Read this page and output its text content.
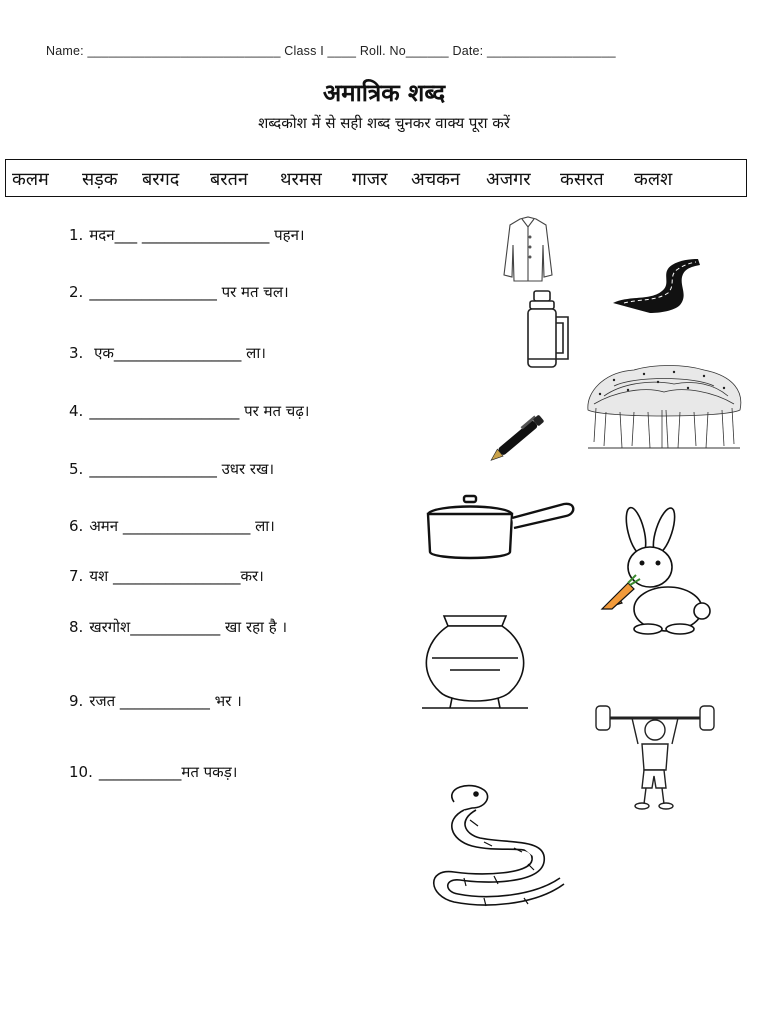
Name: ___________________________ Class I ____ Roll. No______ Date: __________________
अमात्रिक शब्द
शब्दकोश में से सही शब्द चुनकर वाक्य पूरा करें
कलम सड़क बरगद बरतन थरमस गाजर अचकन अजगर कसरत कलश
1. मदन___ _________________ पहन।
2. _________________ पर मत चल।
3. एक_________________ ला।
4. ____________________ पर मत चढ़।
5. _________________ उधर रख।
6. अमन _________________ ला।
7. यश _________________कर।
8. खरगोश____________ खा रहा है ।
9. रजत ____________ भर ।
10. ___________मत पकड़।
